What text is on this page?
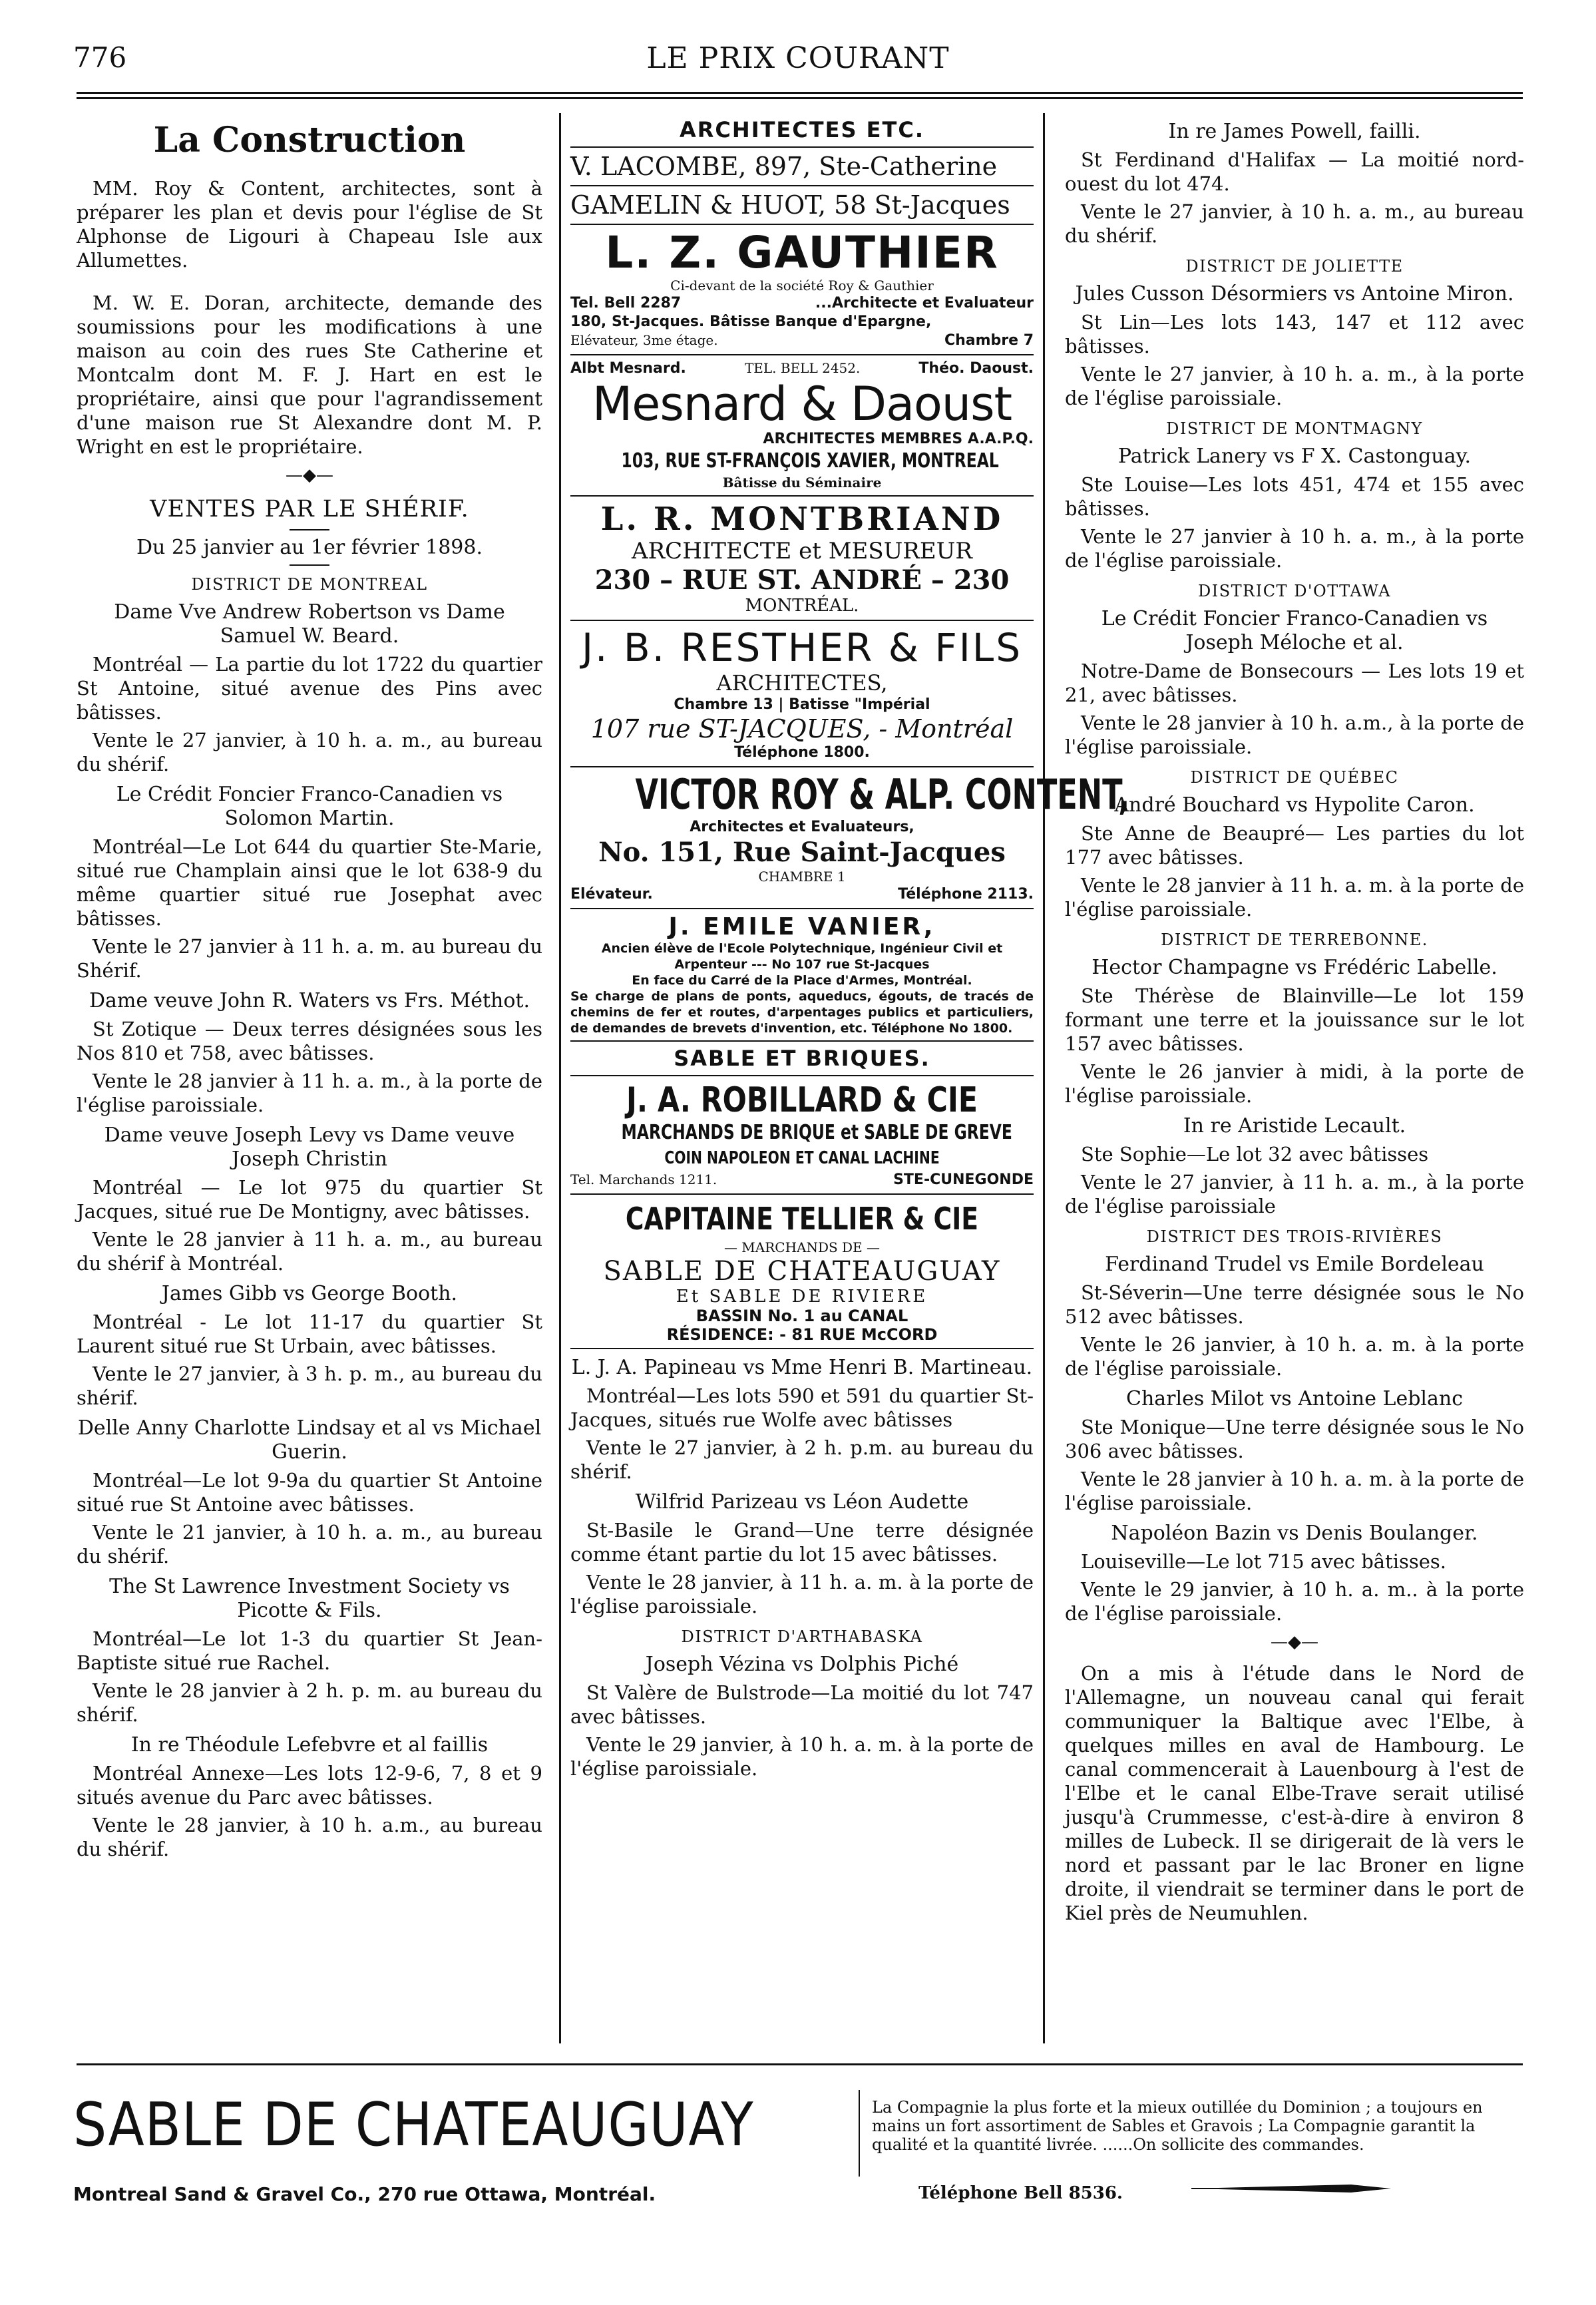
776	LE PRIX COURANT
La Construction

MM. Roy & Content, architectes, sont à préparer les plan et devis pour l'église de St Alphonse de Ligouri à Chapeau Isle aux Allumettes.

M. W. E. Doran, architecte, demande des soumissions pour les modifications à une maison au coin des rues Ste Catherine et Montcalm dont M. F. J. Hart en est le propriétaire, ainsi que pour l'agrandissement d'une maison rue St Alexandre dont M. P. Wright en est le propriétaire.

—◆—
VENTES PAR LE SHÉRIF.
Du 25 janvier au 1er février 1898.
DISTRICT DE MONTREAL
Dame Vve Andrew Robertson vs Dame Samuel W. Beard.

Montréal — La partie du lot 1722 du quartier St Antoine, situé avenue des Pins avec bâtisses.

Vente le 27 janvier, à 10 h. a. m., au bureau du shérif.

Le Crédit Foncier Franco-Canadien vs Solomon Martin.

Montréal—Le Lot 644 du quartier Ste-Marie, situé rue Champlain ainsi que le lot 638-9 du même quartier situé rue Josephat avec bâtisses.

Vente le 27 janvier à 11 h. a. m. au bureau du Shérif.

Dame veuve John R. Waters vs Frs. Méthot.

St Zotique — Deux terres désignées sous les Nos 810 et 758, avec bâtisses.

Vente le 28 janvier à 11 h. a. m., à la porte de l'église paroissiale.

Dame veuve Joseph Levy vs Dame veuve Joseph Christin

Montréal — Le lot 975 du quartier St Jacques, situé rue De Montigny, avec bâtisses.

Vente le 28 janvier à 11 h. a. m., au bureau du shérif à Montréal.

James Gibb vs George Booth.

Montréal - Le lot 11-17 du quartier St Laurent situé rue St Urbain, avec bâtisses.

Vente le 27 janvier, à 3 h. p. m., au bureau du shérif.

Delle Anny Charlotte Lindsay et al vs Michael Guerin.

Montréal—Le lot 9-9a du quartier St Antoine situé rue St Antoine avec bâtisses.

Vente le 21 janvier, à 10 h. a. m., au bureau du shérif.

The St Lawrence Investment Society vs Picotte & Fils.

Montréal—Le lot 1-3 du quartier St Jean-Baptiste situé rue Rachel.

Vente le 28 janvier à 2 h. p. m. au bureau du shérif.

In re Théodule Lefebvre et al faillis

Montréal Annexe—Les lots 12-9-6, 7, 8 et 9 situés avenue du Parc avec bâtisses.

Vente le 28 janvier, à 10 h. a.m., au bureau du shérif.

ARCHITECTES ETC.
V. LACOMBE, 897, Ste-Catherine
GAMELIN & HUOT, 58 St-Jacques
L. Z. GAUTHIER
Ci-devant de la société Roy & Gauthier
Tel. Bell 2287	...Architecte et Evaluateur
180, St-Jacques. Bâtisse Banque d'Epargne,
Elévateur, 3me étage.	Chambre 7
Albt Mesnard.	TEL. BELL 2452.	Théo. Daoust.
Mesnard & Daoust
ARCHITECTES MEMBRES A.A.P.Q.
103, RUE ST-FRANÇOIS XAVIER, MONTREAL
Bâtisse du Séminaire
L. R. MONTBRIAND
ARCHITECTE et MESUREUR
230 – RUE ST. ANDRÉ – 230
MONTRÉAL.
J. B. RESTHER & FILS
ARCHITECTES,
Chambre 13 | Batisse "Impérial
107 rue ST-JACQUES, - Montréal
Téléphone 1800.
VICTOR ROY & ALP. CONTENT,
Architectes et Evaluateurs,
No. 151, Rue Saint-Jacques
CHAMBRE 1
Elévateur.	Téléphone 2113.
J. EMILE VANIER,
Ancien élève de l'Ecole Polytechnique, Ingénieur Civil et Arpenteur --- No 107 rue St-Jacques
En face du Carré de la Place d'Armes, Montréal.
Se charge de plans de ponts, aqueducs, égouts, de tracés de chemins de fer et routes, d'arpentages publics et particuliers, de demandes de brevets d'invention, etc. Téléphone No 1800.
SABLE ET BRIQUES.
J. A. ROBILLARD & CIE
MARCHANDS DE BRIQUE et SABLE DE GREVE
COIN NAPOLEON ET CANAL LACHINE
Tel. Marchands 1211.	STE-CUNEGONDE
CAPITAINE TELLIER & CIE
— MARCHANDS DE —
SABLE DE CHATEAUGUAY
Et SABLE DE RIVIERE
BASSIN No. 1 au CANAL
RÉSIDENCE: - 81 RUE McCORD
L. J. A. Papineau vs Mme Henri B. Martineau.

Montréal—Les lots 590 et 591 du quartier St-Jacques, situés rue Wolfe avec bâtisses

Vente le 27 janvier, à 2 h. p.m. au bureau du shérif.

Wilfrid Parizeau vs Léon Audette

St-Basile le Grand—Une terre désignée comme étant partie du lot 15 avec bâtisses.

Vente le 28 janvier, à 11 h. a. m. à la porte de l'église paroissiale.

DISTRICT D'ARTHABASKA
Joseph Vézina vs Dolphis Piché

St Valère de Bulstrode—La moitié du lot 747 avec bâtisses.

Vente le 29 janvier, à 10 h. a. m. à la porte de l'église paroissiale.

In re James Powell, failli.

St Ferdinand d'Halifax — La moitié nord-ouest du lot 474.

Vente le 27 janvier, à 10 h. a. m., au bureau du shérif.

DISTRICT DE JOLIETTE
Jules Cusson Désormiers vs Antoine Miron.

St Lin—Les lots 143, 147 et 112 avec bâtisses.

Vente le 27 janvier, à 10 h. a. m., à la porte de l'église paroissiale.

DISTRICT DE MONTMAGNY
Patrick Lanery vs F X. Castonguay.

Ste Louise—Les lots 451, 474 et 155 avec bâtisses.

Vente le 27 janvier à 10 h. a. m., à la porte de l'église paroissiale.

DISTRICT D'OTTAWA
Le Crédit Foncier Franco-Canadien vs Joseph Méloche et al.

Notre-Dame de Bonsecours — Les lots 19 et 21, avec bâtisses.

Vente le 28 janvier à 10 h. a.m., à la porte de l'église paroissiale.

DISTRICT DE QUÉBEC
André Bouchard vs Hypolite Caron.

Ste Anne de Beaupré— Les parties du lot 177 avec bâtisses.

Vente le 28 janvier à 11 h. a. m. à la porte de l'église paroissiale.

DISTRICT DE TERREBONNE.
Hector Champagne vs Frédéric Labelle.

Ste Thérèse de Blainville—Le lot 159 formant une terre et la jouissance sur le lot 157 avec bâtisses.

Vente le 26 janvier à midi, à la porte de l'église paroissiale.

In re Aristide Lecault.

Ste Sophie—Le lot 32 avec bâtisses

Vente le 27 janvier, à 11 h. a. m., à la porte de l'église paroissiale

DISTRICT DES TROIS-RIVIÈRES
Ferdinand Trudel vs Emile Bordeleau

St-Séverin—Une terre désignée sous le No 512 avec bâtisses.

Vente le 26 janvier, à 10 h. a. m. à la porte de l'église paroissiale.

Charles Milot vs Antoine Leblanc

Ste Monique—Une terre désignée sous le No 306 avec bâtisses.

Vente le 28 janvier à 10 h. a. m. à la porte de l'église paroissiale.

Napoléon Bazin vs Denis Boulanger.

Louiseville—Le lot 715 avec bâtisses.

Vente le 29 janvier, à 10 h. a. m.. à la porte de l'église paroissiale.

—◆—

On a mis à l'étude dans le Nord de l'Allemagne, un nouveau canal qui ferait communiquer la Baltique avec l'Elbe, à quelques milles en aval de Hambourg. Le canal commencerait à Lauenbourg à l'est de l'Elbe et le canal Elbe-Trave serait utilisé jusqu'à Crummesse, c'est-à-dire à environ 8 milles de Lubeck. Il se dirigerait de là vers le nord et passant par le lac Broner en ligne droite, il viendrait se terminer dans le port de Kiel près de Neumuhlen.

SABLE DE CHATEAUGUAY	La Compagnie la plus forte et la mieux outillée du Dominion ; a toujours en mains un fort assortiment de Sables et Gravois ; La Compagnie garantit la qualité et la quantité livrée. ......On sollicite des commandes.
Montreal Sand & Gravel Co., 270 rue Ottawa, Montréal.	Téléphone Bell 8536.
